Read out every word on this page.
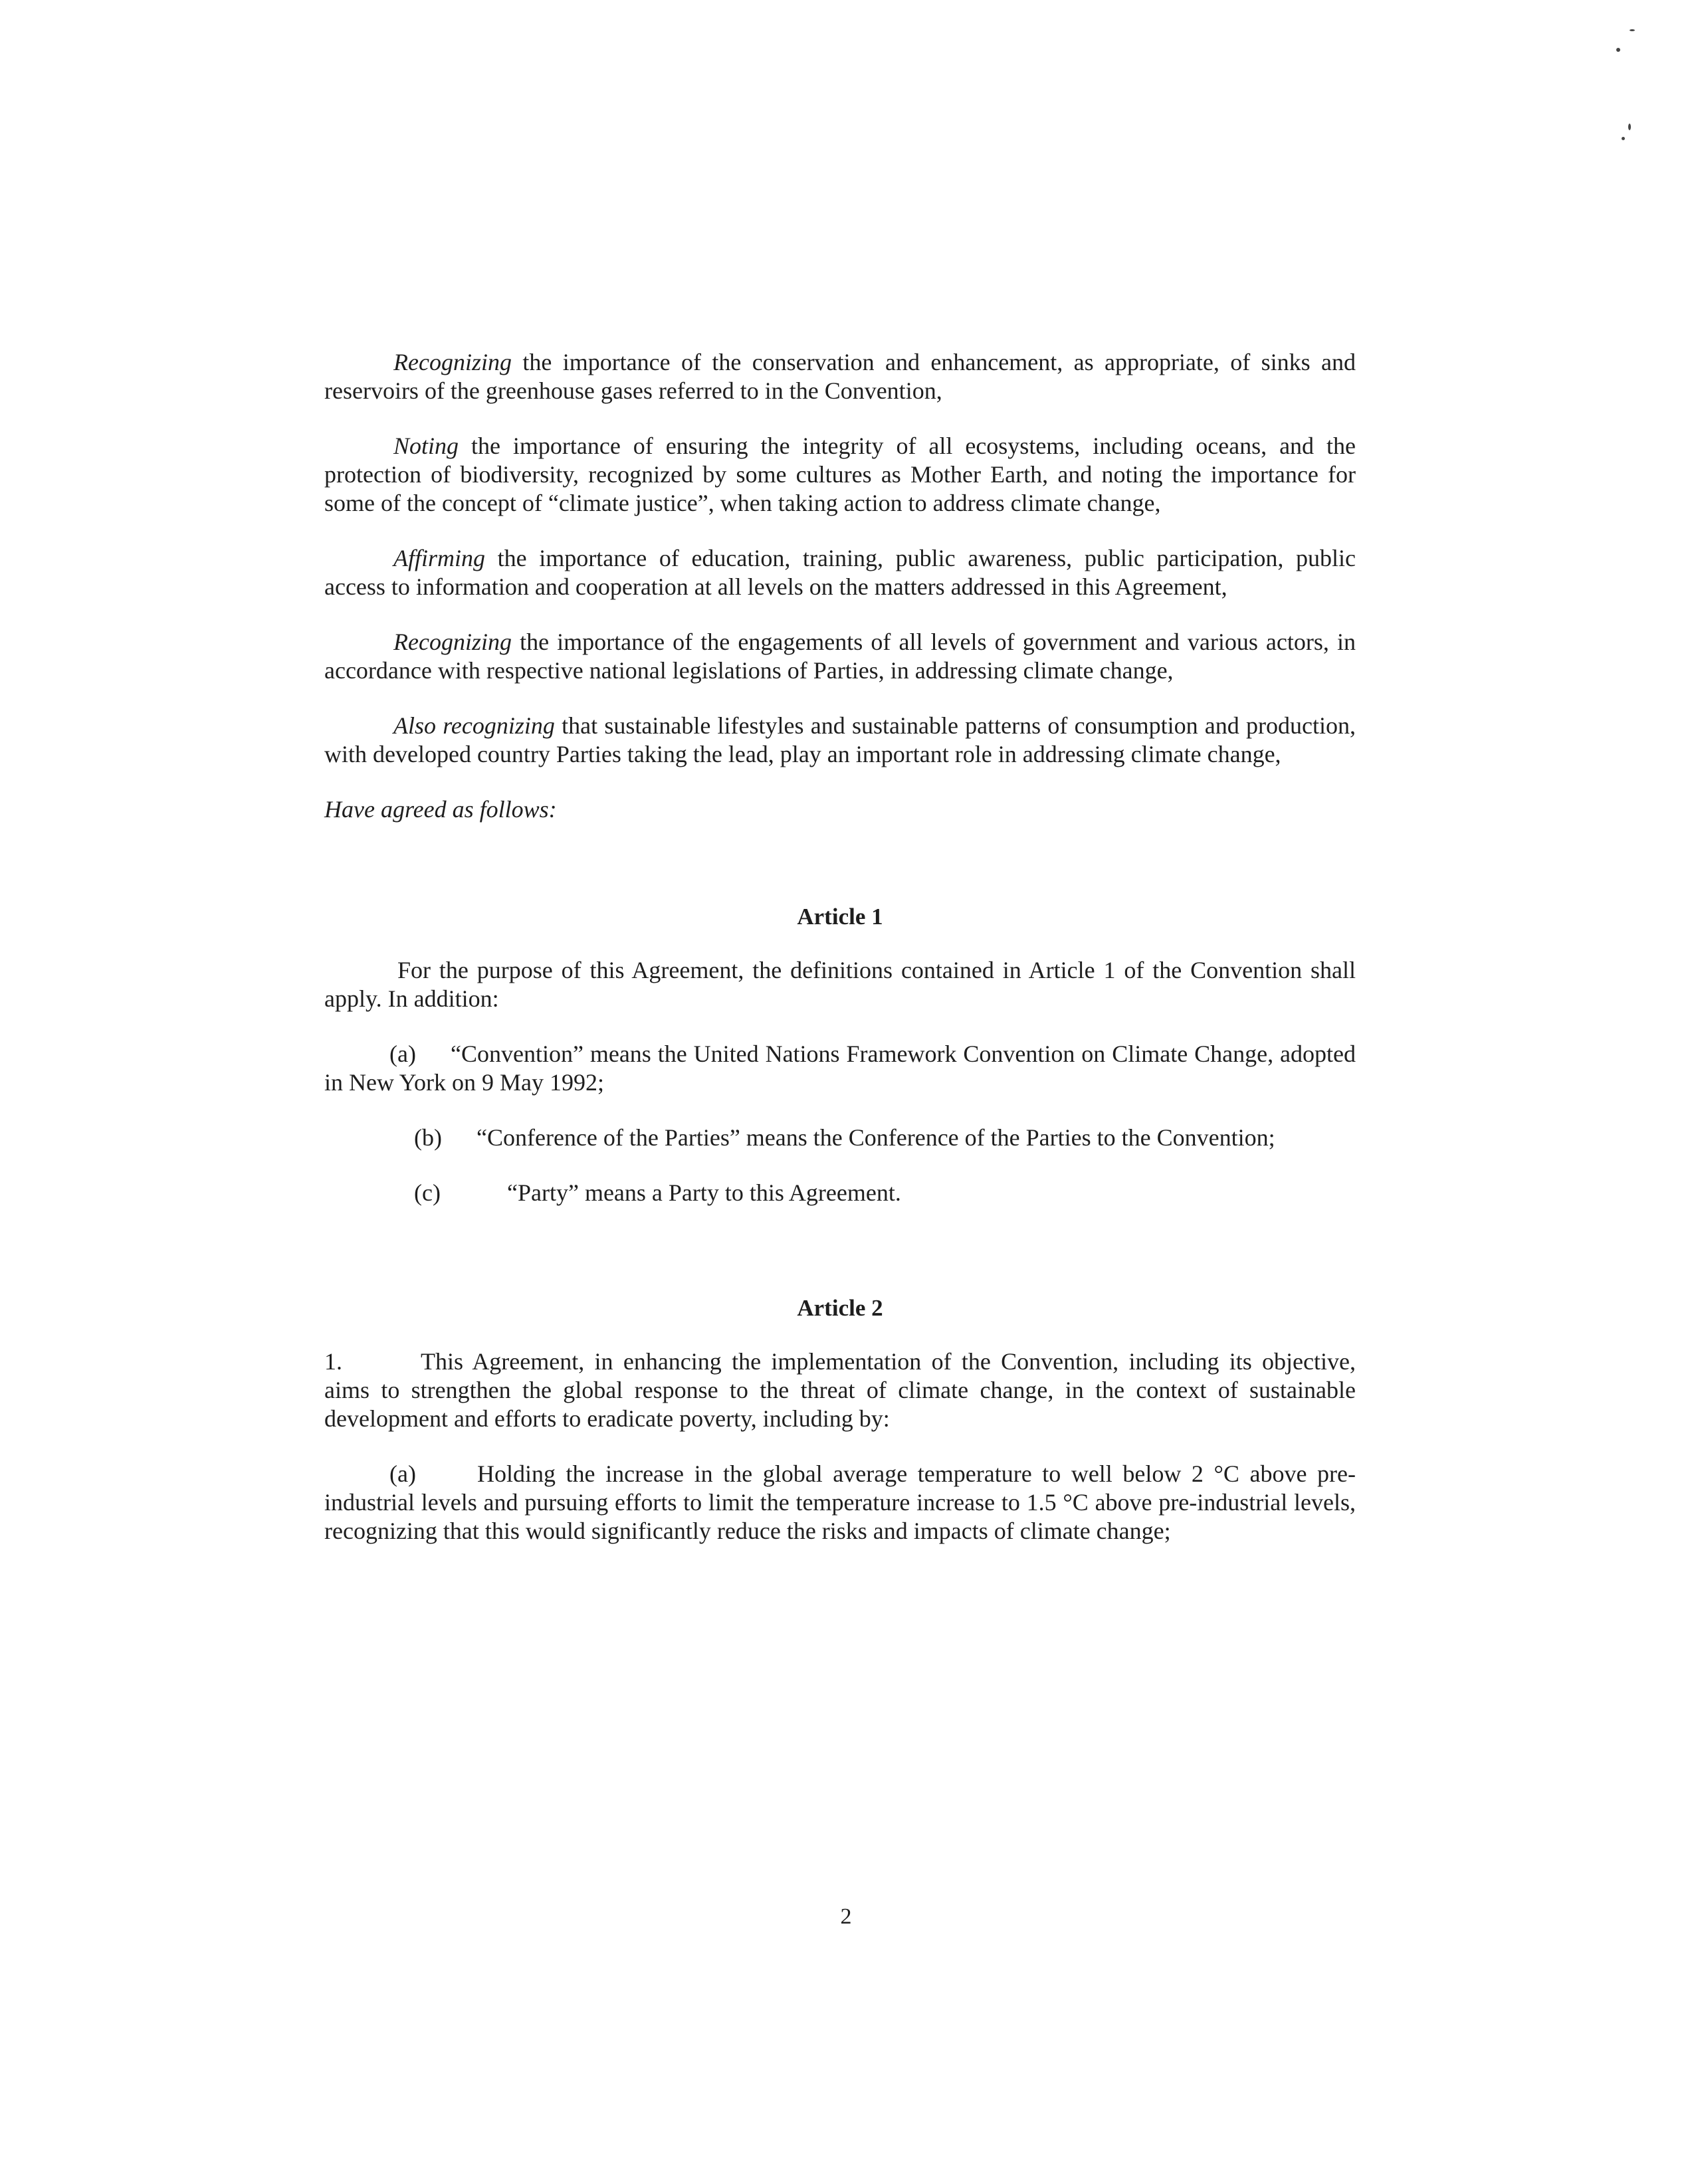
Recognizing the importance of the conservation and enhancement, as appropriate, of sinks and reservoirs of the greenhouse gases referred to in the Convention,

Noting the importance of ensuring the integrity of all ecosystems, including oceans, and the protection of biodiversity, recognized by some cultures as Mother Earth, and noting the importance for some of the concept of “climate justice”, when taking action to address climate change,

Affirming the importance of education, training, public awareness, public participation, public access to information and cooperation at all levels on the matters addressed in this Agreement,

Recognizing the importance of the engagements of all levels of government and various actors, in accordance with respective national legislations of Parties, in addressing climate change,

Also recognizing that sustainable lifestyles and sustainable patterns of consumption and production, with developed country Parties taking the lead, play an important role in addressing climate change,

Have agreed as follows:

Article 1

For the purpose of this Agreement, the definitions contained in Article 1 of the Convention shall apply. In addition:

(a) “Convention” means the United Nations Framework Convention on Climate Change, adopted in New York on 9 May 1992;

(b)	“Conference of the Parties” means the Conference of the Parties to the Convention;
(c)	“Party” means a Party to this Agreement.

Article 2

1.	This Agreement, in enhancing the implementation of the Convention, including its objective, aims to strengthen the global response to the threat of climate change, in the context of sustainable development and efforts to eradicate poverty, including by:

(a)	Holding the increase in the global average temperature to well below 2 °C above pre-industrial levels and pursuing efforts to limit the temperature increase to 1.5 °C above pre-industrial levels, recognizing that this would significantly reduce the risks and impacts of climate change;

2
